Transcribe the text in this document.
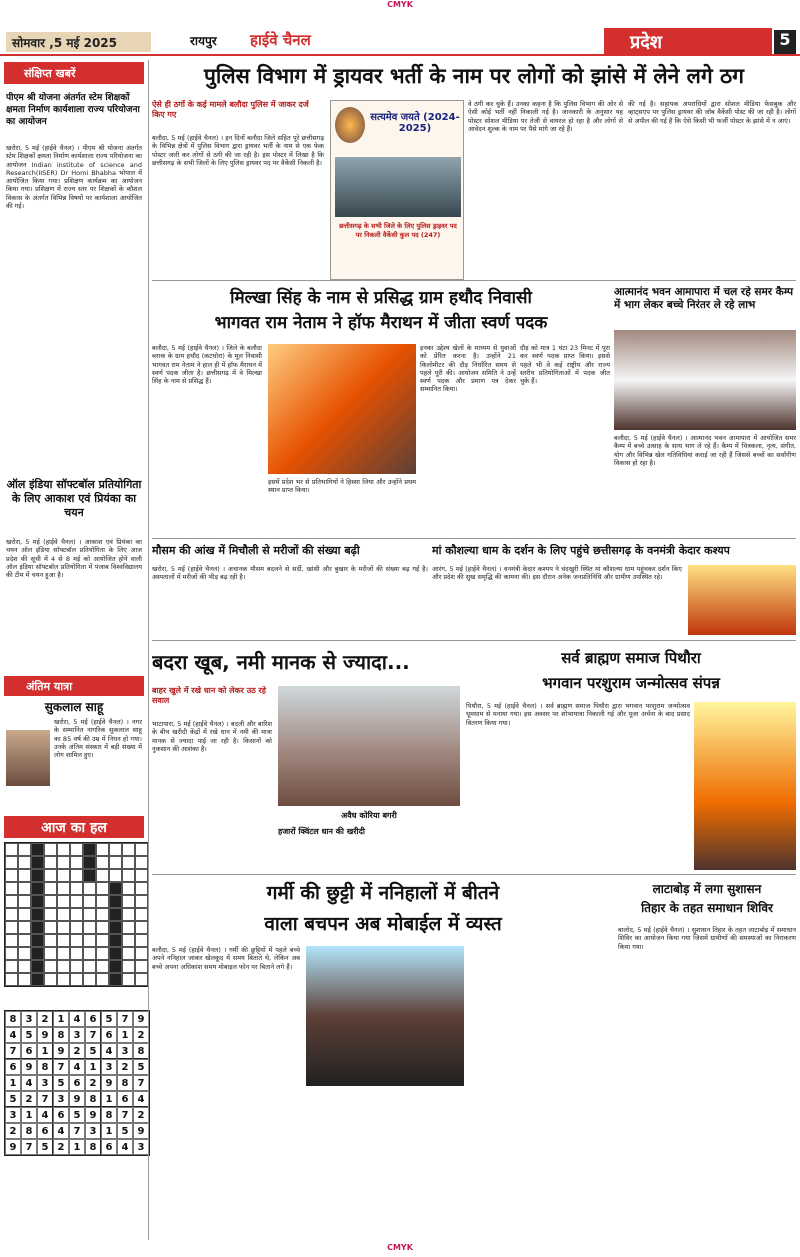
CMYK
सोमवार ,5 मई 2025	रायपुर हाईवे चैनल	प्रदेश	5
संक्षिप्त खबरें
पीएम श्री योजना अंतर्गत स्टेम शिक्षकों क्षमता निर्माण कार्यशाला राज्य परियोजना का आयोजन
खरोरा, 5 मई (हाईवे चैनल) । पीएम श्री योजना अंतर्गत स्टेम शिक्षकों क्षमता निर्माण कार्यशाला राज्य परियोजना का आयोजन Indian institute of science and Research(IISER) Dr Homi Bhabha भोपाल में आयोजित किया गया। प्रशिक्षण कार्यक्रम का आयोजन किया गया। प्रशिक्षण में राज्य स्तर पर शिक्षकों के कौशल विकास के अंतर्गत विभिन्न विषयों पर कार्यशाला आयोजित की गई।
ऑल इंडिया सॉफ्टबॉल प्रतियोगिता के लिए आकाश एवं प्रियंका का चयन
खरोरा, 5 मई (हाईवे चैनल) । आकाश एवं प्रियंका का चयन ऑल इंडिया सॉफ्टबॉल प्रतियोगिता के लिए आज प्रदेश की सूची में 4 से 8 मई को आयोजित होने वाली ऑल इंडिया सॉफ्टबॉल प्रतियोगिता में पंजाब विश्वविद्यालय की टीम में चयन हुआ है।
अंतिम यात्रा
सुकलाल साहू
खरोरा, 5 मई (हाईवे चैनल) । नगर के सम्मानित नागरिक सुकलाल साहू का 85 वर्ष की उम्र में निधन हो गया। उनके अंतिम संस्कार में बड़ी संख्या में लोग शामिल हुए।
आज का हल
8 3 2 1 4 6 5 7 9
4 5 9 8 3 7 6 1 2
7 6 1 9 2 5 4 3 8
6 9 8 7 4 1 3 2 5
1 4 3 5 6 2 9 8 7
5 2 7 3 9 8 1 6 4
3 1 4 6 5 9 8 7 2
2 8 6 4 7 3 1 5 9
9 7 5 2 1 8 6 4 3
पुलिस विभाग में ड्रायवर भर्ती के नाम पर लोगों को झांसे में लेने लगे ठग
ऐसे ही ठगों के कई मामले बलौदा पुलिस में जाकर दर्ज किए गए
बलौदा, 5 मई (हाईवे चैनल) । इन दिनों बलौदा जिले सहित पूरे छत्तीसगढ़ के विभिन्न क्षेत्रों में पुलिस विभाग द्वारा ड्रायवर भर्ती के नाम से एक फेक पोस्टर जारी कर लोगों से ठगी की जा रही है। इस पोस्टर में लिखा है कि छत्तीसगढ़ के सभी जिलों के लिए पुलिस ड्रायवर पद पर वैकेंसी निकली है।
सत्यमेव जयते (2024-2025)
छत्तीसगढ़ के सभी जिले के लिए पुलिस ड्राइवर पद पर निकली वैकेंसी कुल पद (247)
वे ठगी कर चुके हैं। उनका कहना है कि पुलिस विभाग की ओर से ऐसी कोई भर्ती नहीं निकाली गई है। जानकारी के अनुसार यह पोस्टर सोशल मीडिया पर तेजी से वायरल हो रहा है और लोगों से आवेदन शुल्क के नाम पर पैसे मांगे जा रहे हैं।
की गई है। सहायक अपराधियों द्वारा सोशल मीडिया फेसबुक और व्हाट्सएप पर पुलिस ड्रायवर की जॉब वैकेंसी पोस्ट की जा रही है। लोगों से अपील की गई है कि ऐसे किसी भी फर्जी पोस्टर के झांसे में न आएं।
मिल्खा सिंह के नाम से प्रसिद्ध ग्राम हथौद निवासी
भागवत राम नेताम ने हॉफ मैराथन में जीता स्वर्ण पदक
बलौदा, 5 मई (हाईवे चैनल) । जिले के बलौदा ब्लाक के ग्राम हथौद (कटघोरा) के मूल निवासी भागवत राम नेताम ने हाल ही में हॉफ मैराथन में स्वर्ण पदक जीता है। छत्तीसगढ़ में वे मिल्खा सिंह के नाम से प्रसिद्ध हैं।
इसमें प्रदेश भर से प्रतिभागियों ने हिस्सा लिया और उन्होंने प्रथम स्थान प्राप्त किया।
इनका उद्देश्य खेलों के माध्यम से युवाओं को प्रेरित करना है। उन्होंने 21 किलोमीटर की दौड़ निर्धारित समय से पहले पूरी की। आयोजन समिति ने उन्हें स्वर्ण पदक और प्रमाण पत्र देकर सम्मानित किया।
दौड़ को मात्र 1 घंटा 23 मिनट में पूरा कर स्वर्ण पदक प्राप्त किया। इससे पहले भी वे कई राष्ट्रीय और राज्य स्तरीय प्रतियोगिताओं में पदक जीत चुके हैं।
आत्मानंद भवन आमापारा में चल रहे समर कैम्प में भाग लेकर बच्चे निरंतर ले रहे लाभ
बलौदा, 5 मई (हाईवे चैनल) । आत्मानंद भवन आमापारा में आयोजित समर कैम्प में बच्चे उत्साह के साथ भाग ले रहे हैं। कैम्प में चित्रकला, नृत्य, संगीत, योग और विभिन्न खेल गतिविधियां कराई जा रही हैं जिससे बच्चों का सर्वांगीण विकास हो रहा है।
मौसम की आंख में मिचौली से मरीजों की संख्या बढ़ी
खरोरा, 5 मई (हाईवे चैनल) । अचानक मौसम बदलने से सर्दी, खांसी और बुखार के मरीजों की संख्या बढ़ गई है। अस्पतालों में मरीजों की भीड़ बढ़ रही है।
मां कौशल्या धाम के दर्शन के लिए पहुंचे छत्तीसगढ़ के वनमंत्री केदार कश्यप
आरंग, 5 मई (हाईवे चैनल) । वनमंत्री केदार कश्यप ने चंदखुरी स्थित मां कौशल्या धाम पहुंचकर दर्शन किए और प्रदेश की सुख समृद्धि की कामना की। इस दौरान अनेक जनप्रतिनिधि और ग्रामीण उपस्थित रहे।
बदरा खूब, नमी मानक से ज्यादा...
बाहर खुले में रखे धान को लेकर उठ रहे सवाल
भाटापारा, 5 मई (हाईवे चैनल) । बदली और बारिश के बीच खरीदी केंद्रों में रखे धान में नमी की मात्रा मानक से ज्यादा पाई जा रही है। किसानों को नुकसान की आशंका है।
अवैध कोरिया बगरी
हजारों क्विंटल धान की खरीदी
सर्व ब्राह्मण समाज पिथौरा
भगवान परशुराम जन्मोत्सव संपन्न
पिथौरा, 5 मई (हाईवे चैनल) । सर्व ब्राह्मण समाज पिथौरा द्वारा भगवान परशुराम जन्मोत्सव धूमधाम से मनाया गया। इस अवसर पर शोभायात्रा निकाली गई और पूजा अर्चना के बाद प्रसाद वितरण किया गया।
गर्मी की छुट्टी में ननिहालों में बीतने
वाला बचपन अब मोबाईल में व्यस्त
बलौदा, 5 मई (हाईवे चैनल) । गर्मी की छुट्टियों में पहले बच्चे अपने ननिहाल जाकर खेलकूद में समय बिताते थे, लेकिन अब बच्चे अपना अधिकांश समय मोबाइल फोन पर बिताने लगे हैं।
लाटाबोड़ में लगा सुशासन
तिहार के तहत समाधान शिविर
बालोद, 5 मई (हाईवे चैनल) । सुशासन तिहार के तहत लाटाबोड़ में समाधान शिविर का आयोजन किया गया जिसमें ग्रामीणों की समस्याओं का निराकरण किया गया।
CMYK
